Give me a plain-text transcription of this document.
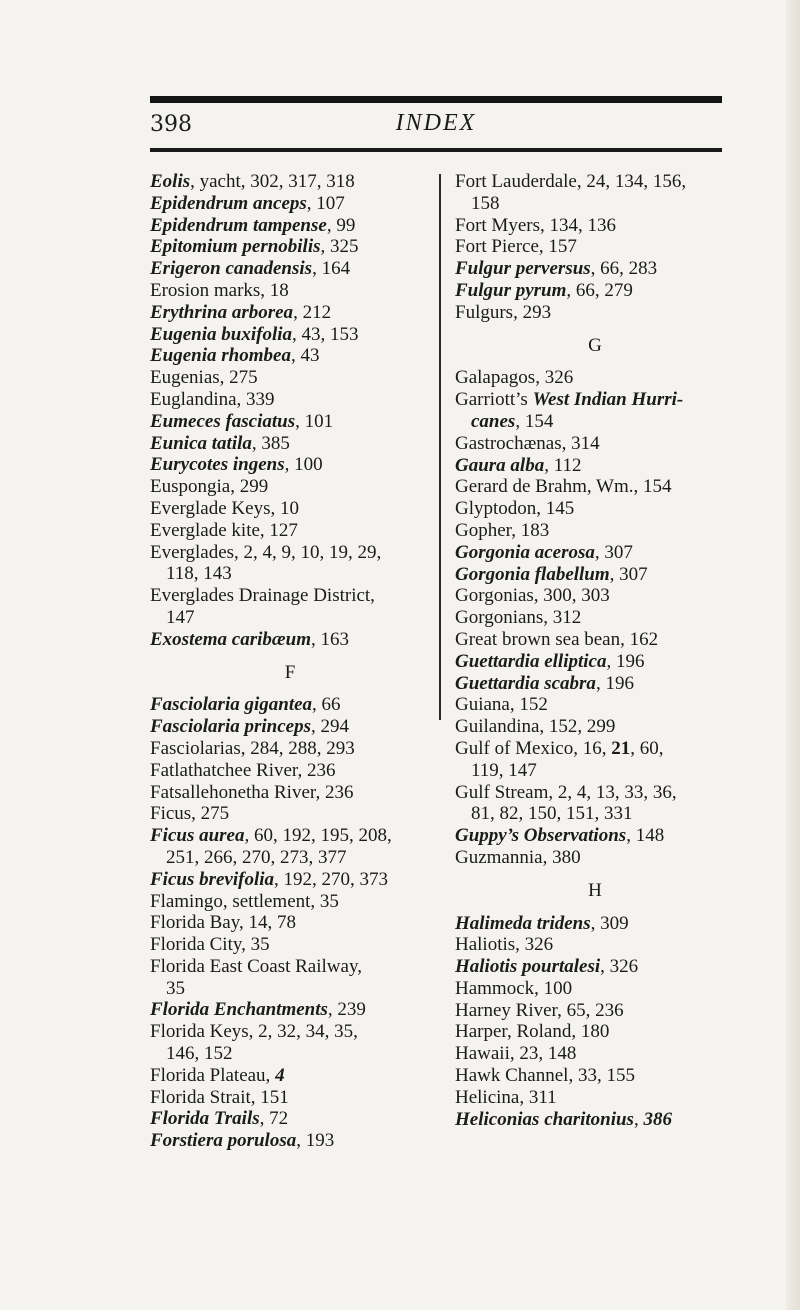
398	INDEX
Eolis, yacht, 302, 317, 318
Epidendrum anceps, 107
Epidendrum tampense, 99
Epitomium pernobilis, 325
Erigeron canadensis, 164
Erosion marks, 18
Erythrina arborea, 212
Eugenia buxifolia, 43, 153
Eugenia rhombea, 43
Eugenias, 275
Euglandina, 339
Eumeces fasciatus, 101
Eunica tatila, 385
Eurycotes ingens, 100
Euspongia, 299
Everglade Keys, 10
Everglade kite, 127
Everglades, 2, 4, 9, 10, 19, 29,
118, 143
Everglades Drainage District,
147
Exostema caribæum, 163
F
Fasciolaria gigantea, 66
Fasciolaria princeps, 294
Fasciolarias, 284, 288, 293
Fatlathatchee River, 236
Fatsallehonetha River, 236
Ficus, 275
Ficus aurea, 60, 192, 195, 208,
251, 266, 270, 273, 377
Ficus brevifolia, 192, 270, 373
Flamingo, settlement, 35
Florida Bay, 14, 78
Florida City, 35
Florida East Coast Railway,
35
Florida Enchantments, 239
Florida Keys, 2, 32, 34, 35,
146, 152
Florida Plateau, 4
Florida Strait, 151
Florida Trails, 72
Forstiera porulosa, 193
Fort Lauderdale, 24, 134, 156,
158
Fort Myers, 134, 136
Fort Pierce, 157
Fulgur perversus, 66, 283
Fulgur pyrum, 66, 279
Fulgurs, 293
G
Galapagos, 326
Garriott’s West Indian Hurri-
canes, 154
Gastrochænas, 314
Gaura alba, 112
Gerard de Brahm, Wm., 154
Glyptodon, 145
Gopher, 183
Gorgonia acerosa, 307
Gorgonia flabellum, 307
Gorgonias, 300, 303
Gorgonians, 312
Great brown sea bean, 162
Guettardia elliptica, 196
Guettardia scabra, 196
Guiana, 152
Guilandina, 152, 299
Gulf of Mexico, 16, 21, 60,
119, 147
Gulf Stream, 2, 4, 13, 33, 36,
81, 82, 150, 151, 331
Guppy’s Observations, 148
Guzmannia, 380
H
Halimeda tridens, 309
Haliotis, 326
Haliotis pourtalesi, 326
Hammock, 100
Harney River, 65, 236
Harper, Roland, 180
Hawaii, 23, 148
Hawk Channel, 33, 155
Helicina, 311
Heliconias charitonius, 386
